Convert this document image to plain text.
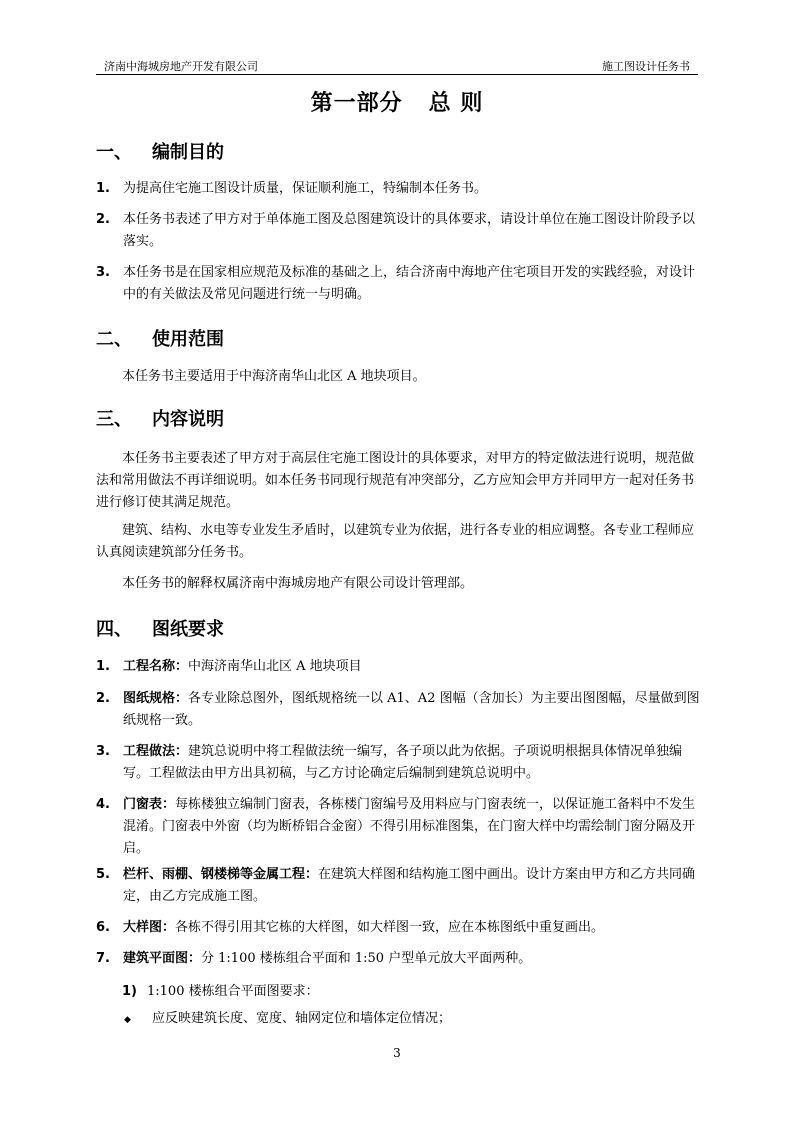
济南中海城房地产开发有限公司	施工图设计任务书
第一部分 总 则
一、 编制目的
1. 为提高住宅施工图设计质量，保证顺利施工，特编制本任务书。
2. 本任务书表述了甲方对于单体施工图及总图建筑设计的具体要求，请设计单位在施工图设计阶段予以落实。
3. 本任务书是在国家相应规范及标准的基础之上，结合济南中海地产住宅项目开发的实践经验，对设计中的有关做法及常见问题进行统一与明确。
二、 使用范围
本任务书主要适用于中海济南华山北区 A 地块项目。
三、 内容说明
本任务书主要表述了甲方对于高层住宅施工图设计的具体要求，对甲方的特定做法进行说明，规范做法和常用做法不再详细说明。如本任务书同现行规范有冲突部分，乙方应知会甲方并同甲方一起对任务书进行修订使其满足规范。
建筑、结构、水电等专业发生矛盾时，以建筑专业为依据，进行各专业的相应调整。各专业工程师应认真阅读建筑部分任务书。
本任务书的解释权属济南中海城房地产有限公司设计管理部。
四、 图纸要求
1. 工程名称：中海济南华山北区 A 地块项目
2. 图纸规格：各专业除总图外，图纸规格统一以 A1、A2 图幅（含加长）为主要出图图幅，尽量做到图纸规格一致。
3. 工程做法：建筑总说明中将工程做法统一编写，各子项以此为依据。子项说明根据具体情况单独编写。工程做法由甲方出具初稿，与乙方讨论确定后编制到建筑总说明中。
4. 门窗表：每栋楼独立编制门窗表，各栋楼门窗编号及用料应与门窗表统一，以保证施工备料中不发生混淆。门窗表中外窗（均为断桥铝合金窗）不得引用标准图集，在门窗大样中均需绘制门窗分隔及开启。
5. 栏杆、雨棚、钢楼梯等金属工程：在建筑大样图和结构施工图中画出。设计方案由甲方和乙方共同确定，由乙方完成施工图。
6. 大样图：各栋不得引用其它栋的大样图，如大样图一致，应在本栋图纸中重复画出。
7. 建筑平面图：分 1:100 楼栋组合平面和 1:50 户型单元放大平面两种。
1) 1:100 楼栋组合平面图要求：
◆ 应反映建筑长度、宽度、轴网定位和墙体定位情况；
3
